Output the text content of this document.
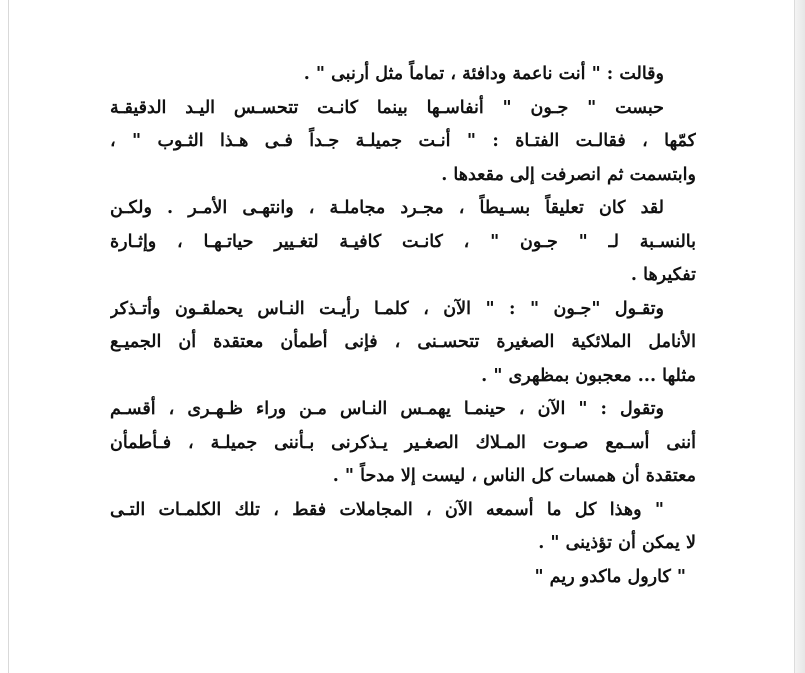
وقالت : " أنت ناعمة ودافئة ، تماماً مثل أرنبى " .
حبست " جـون " أنفاسـها بينما كانـت تتحسـس اليـد الدقيقـة
كمّها ، فقالـت الفتـاة : " أنـت جميلـة جـداً فـى هـذا الثـوب " ،
وابتسمت ثم انصرفت إلى مقعدها .
لقد كان تعليقاً بسـيطاً ، مجـرد مجاملـة ، وانتهـى الأمـر . ولكـن
بالنسـبة لـ " جـون " ، كانـت كافيـة لتغـيير حياتـهـا ، وإثـارة
تفكيرها .
وتقـول "جـون " : " الآن ، كلمـا رأيـت النـاس يحملقـون وأتـذكر
الأنامل الملائكية الصغيرة تتحسـنى ، فإنى أطمأن معتقدة أن الجميـع
مثلها ... معجبون بمظهرى " .
وتقول : " الآن ، حينمـا يهمـس النـاس مـن وراء ظـهـرى ، أقسـم
أننى أسـمع صـوت المـلاك الصغـير يـذكرنى بـأننى جميلـة ، فـأطمأن
معتقدة أن همسات كل الناس ، ليست إلا مدحاً " .
" وهذا كل ما أسمعه الآن ، المجاملات فقط ، تلك الكلمـات التـى
لا يمكن أن تؤذينى " .
" كارول ماكدو ريم "
